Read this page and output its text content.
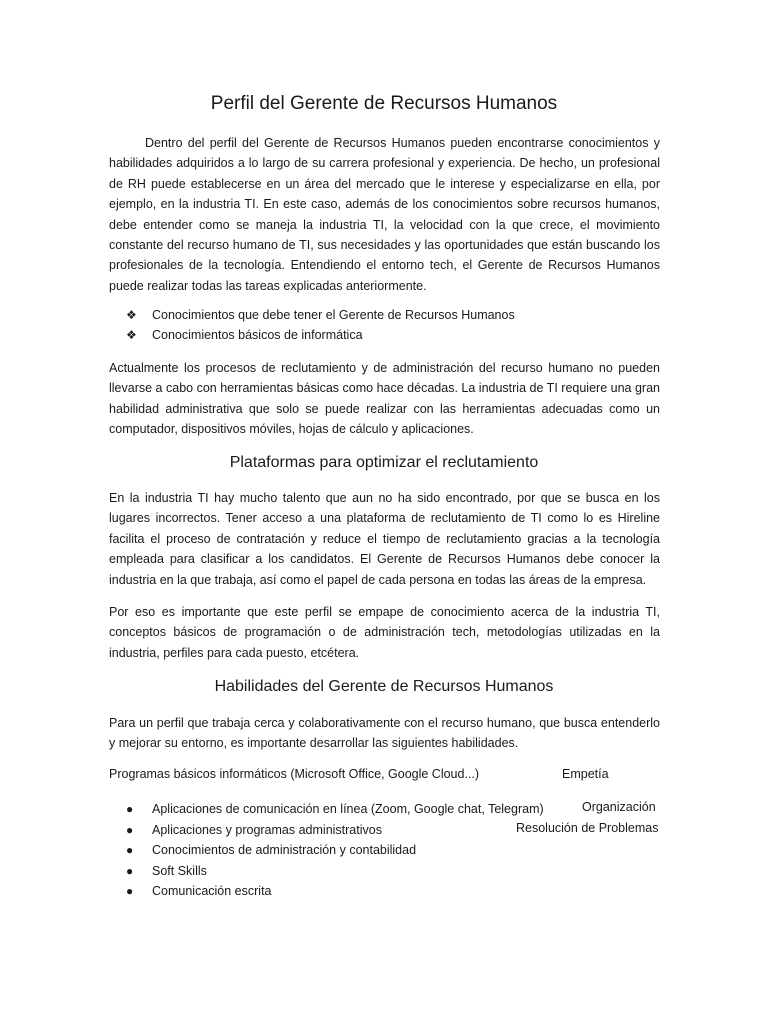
Perfil del Gerente de Recursos Humanos

Dentro del perfil del Gerente de Recursos Humanos pueden encontrarse conocimientos y habilidades adquiridos a lo largo de su carrera profesional y experiencia. De hecho, un profesional de RH puede establecerse en un área del mercado que le interese y especializarse en ella, por ejemplo, en la industria TI. En este caso, además de los conocimientos sobre recursos humanos, debe entender como se maneja la industria TI, la velocidad con la que crece, el movimiento constante del recurso humano de TI, sus necesidades y las oportunidades que están buscando los profesionales de la tecnología. Entendiendo el entorno tech, el Gerente de Recursos Humanos puede realizar todas las tareas explicadas anteriormente.

❖ Conocimientos que debe tener el Gerente de Recursos Humanos
❖ Conocimientos básicos de informática

Actualmente los procesos de reclutamiento y de administración del recurso humano no pueden llevarse a cabo con herramientas básicas como hace décadas. La industria de TI requiere una gran habilidad administrativa que solo se puede realizar con las herramientas adecuadas como un computador, dispositivos móviles, hojas de cálculo y aplicaciones.

Plataformas para optimizar el reclutamiento

En la industria TI hay mucho talento que aun no ha sido encontrado, por que se busca en los lugares incorrectos. Tener acceso a una plataforma de reclutamiento de TI como lo es Hireline facilita el proceso de contratación y reduce el tiempo de reclutamiento gracias a la tecnología empleada para clasificar a los candidatos. El Gerente de Recursos Humanos debe conocer la industria en la que trabaja, así como el papel de cada persona en todas las áreas de la empresa.

Por eso es importante que este perfil se empape de conocimiento acerca de la industria TI, conceptos básicos de programación o de administración tech, metodologías utilizadas en la industria, perfiles para cada puesto, etcétera.

Habilidades del Gerente de Recursos Humanos

Para un perfil que trabaja cerca y colaborativamente con el recurso humano, que busca entenderlo y mejorar su entorno, es importante desarrollar las siguientes habilidades.

Programas básicos informáticos (Microsoft Office, Google Cloud...)	Empetía
●	Aplicaciones de comunicación en línea (Zoom, Google chat, Telegram)
●	Aplicaciones y programas administrativos
●	Conocimientos de administración y contabilidad
●	Soft Skills
●	Comunicación escrita
Organización
Resolución de Problemas
